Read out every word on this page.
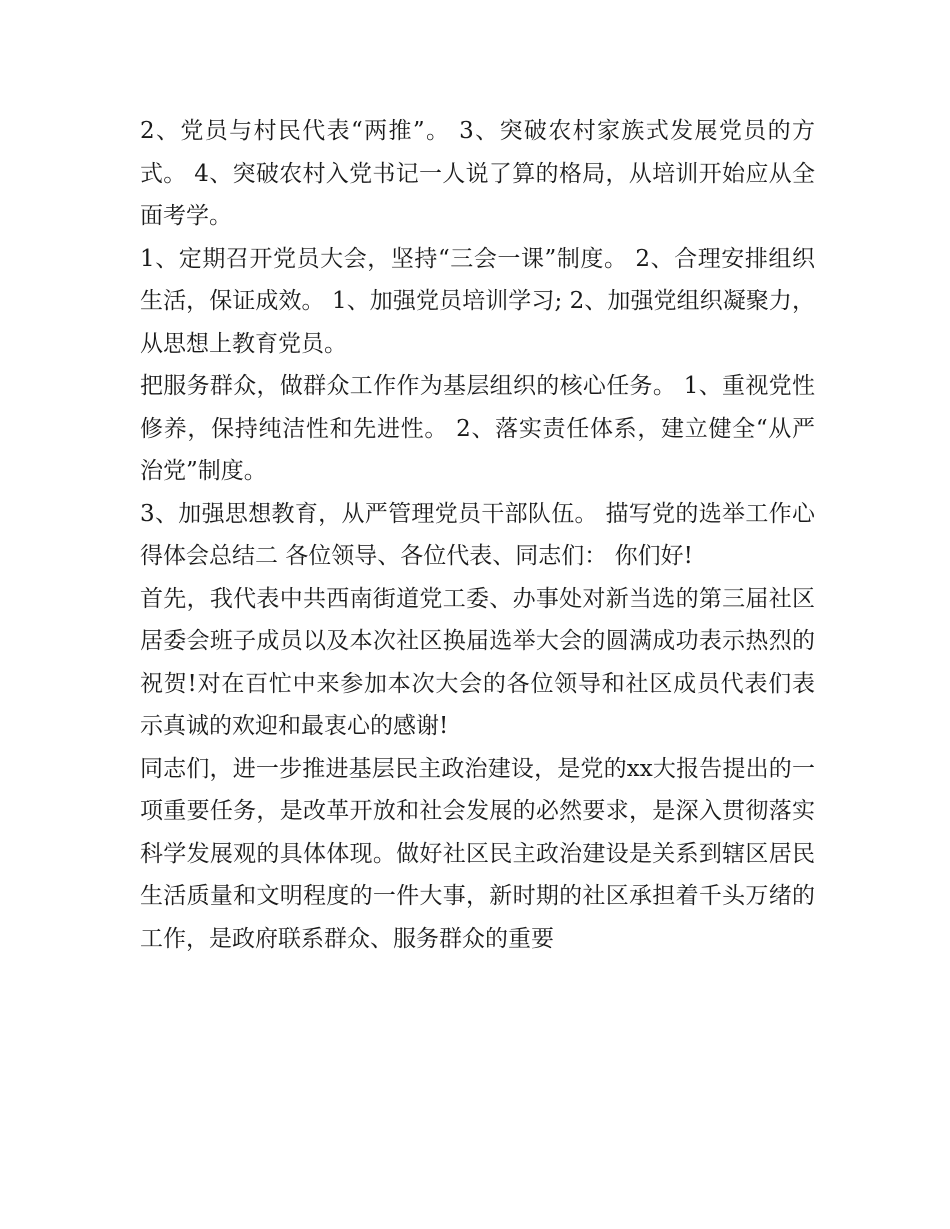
2、党员与村民代表“两推”。 3、突破农村家族式发展党员的方式。 4、突破农村入党书记一人说了算的格局，从培训开始应从全面考学。

1、定期召开党员大会，坚持“三会一课”制度。 2、合理安排组织生活，保证成效。 1、加强党员培训学习; 2、加强党组织凝聚力，从思想上教育党员。

把服务群众，做群众工作作为基层组织的核心任务。 1、重视党性修养，保持纯洁性和先进性。 2、落实责任体系，建立健全“从严治党”制度。

3、加强思想教育，从严管理党员干部队伍。 描写党的选举工作心得体会总结二 各位领导、各位代表、同志们： 你们好!

首先，我代表中共西南街道党工委、办事处对新当选的第三届社区居委会班子成员以及本次社区换届选举大会的圆满成功表示热烈的祝贺!对在百忙中来参加本次大会的各位领导和社区成员代表们表示真诚的欢迎和最衷心的感谢!

同志们，进一步推进基层民主政治建设，是党的xx大报告提出的一项重要任务，是改革开放和社会发展的必然要求，是深入贯彻落实科学发展观的具体体现。做好社区民主政治建设是关系到辖区居民生活质量和文明程度的一件大事，新时期的社区承担着千头万绪的工作，是政府联系群众、服务群众的重要
